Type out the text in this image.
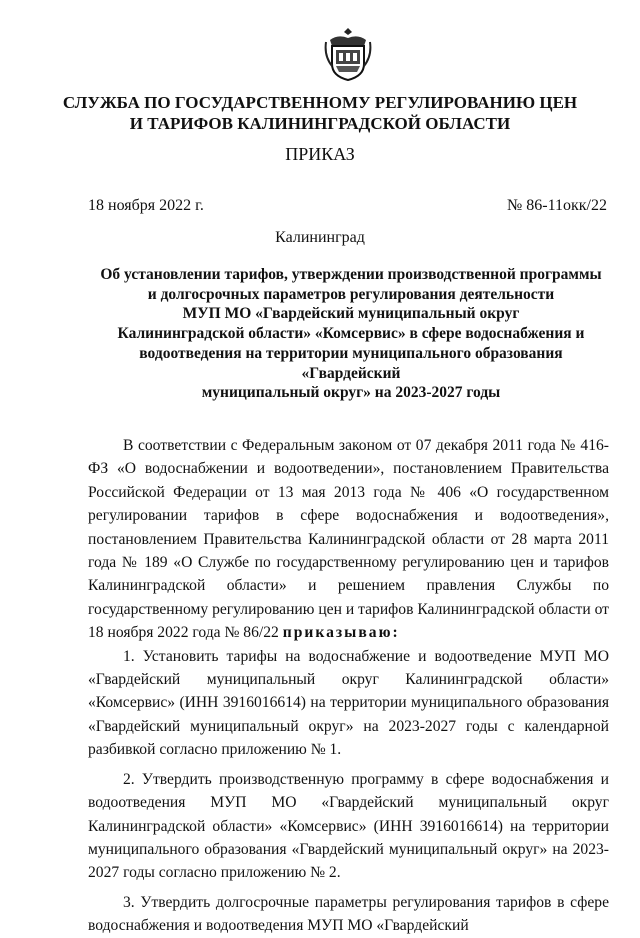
СЛУЖБА ПО ГОСУДАРСТВЕННОМУ РЕГУЛИРОВАНИЮ ЦЕН
И ТАРИФОВ КАЛИНИНГРАДСКОЙ ОБЛАСТИ
ПРИКАЗ
18 ноября 2022 г.	№ 86-11окк/22
Калининград
Об установлении тарифов, утверждении производственной программы
и долгосрочных параметров регулирования деятельности
МУП МО «Гвардейский муниципальный округ
Калининградской области» «Комсервис» в сфере водоснабжения и
водоотведения на территории муниципального образования «Гвардейский
муниципальный округ» на 2023-2027 годы

В соответствии с Федеральным законом от 07 декабря 2011 года № 416-ФЗ «О водоснабжении и водоотведении», постановлением Правительства Российской Федерации от 13 мая 2013 года № 406 «О государственном регулировании тарифов в сфере водоснабжения и водоотведения», постановлением Правительства Калининградской области от 28 марта 2011 года № 189 «О Службе по государственному регулированию цен и тарифов Калининградской области» и решением правления Службы по государственному регулированию цен и тарифов Калининградской области от 18 ноября 2022 года № 86/22 приказываю:

1. Установить тарифы на водоснабжение и водоотведение МУП МО «Гвардейский муниципальный округ Калининградской области» «Комсервис» (ИНН 3916016614) на территории муниципального образования «Гвардейский муниципальный округ» на 2023-2027 годы с календарной разбивкой согласно приложению № 1.

2. Утвердить производственную программу в сфере водоснабжения и водоотведения МУП МО «Гвардейский муниципальный округ Калининградской области» «Комсервис» (ИНН 3916016614) на территории муниципального образования «Гвардейский муниципальный округ» на 2023-2027 годы согласно приложению № 2.

3. Утвердить долгосрочные параметры регулирования тарифов в сфере водоснабжения и водоотведения МУП МО «Гвардейский
